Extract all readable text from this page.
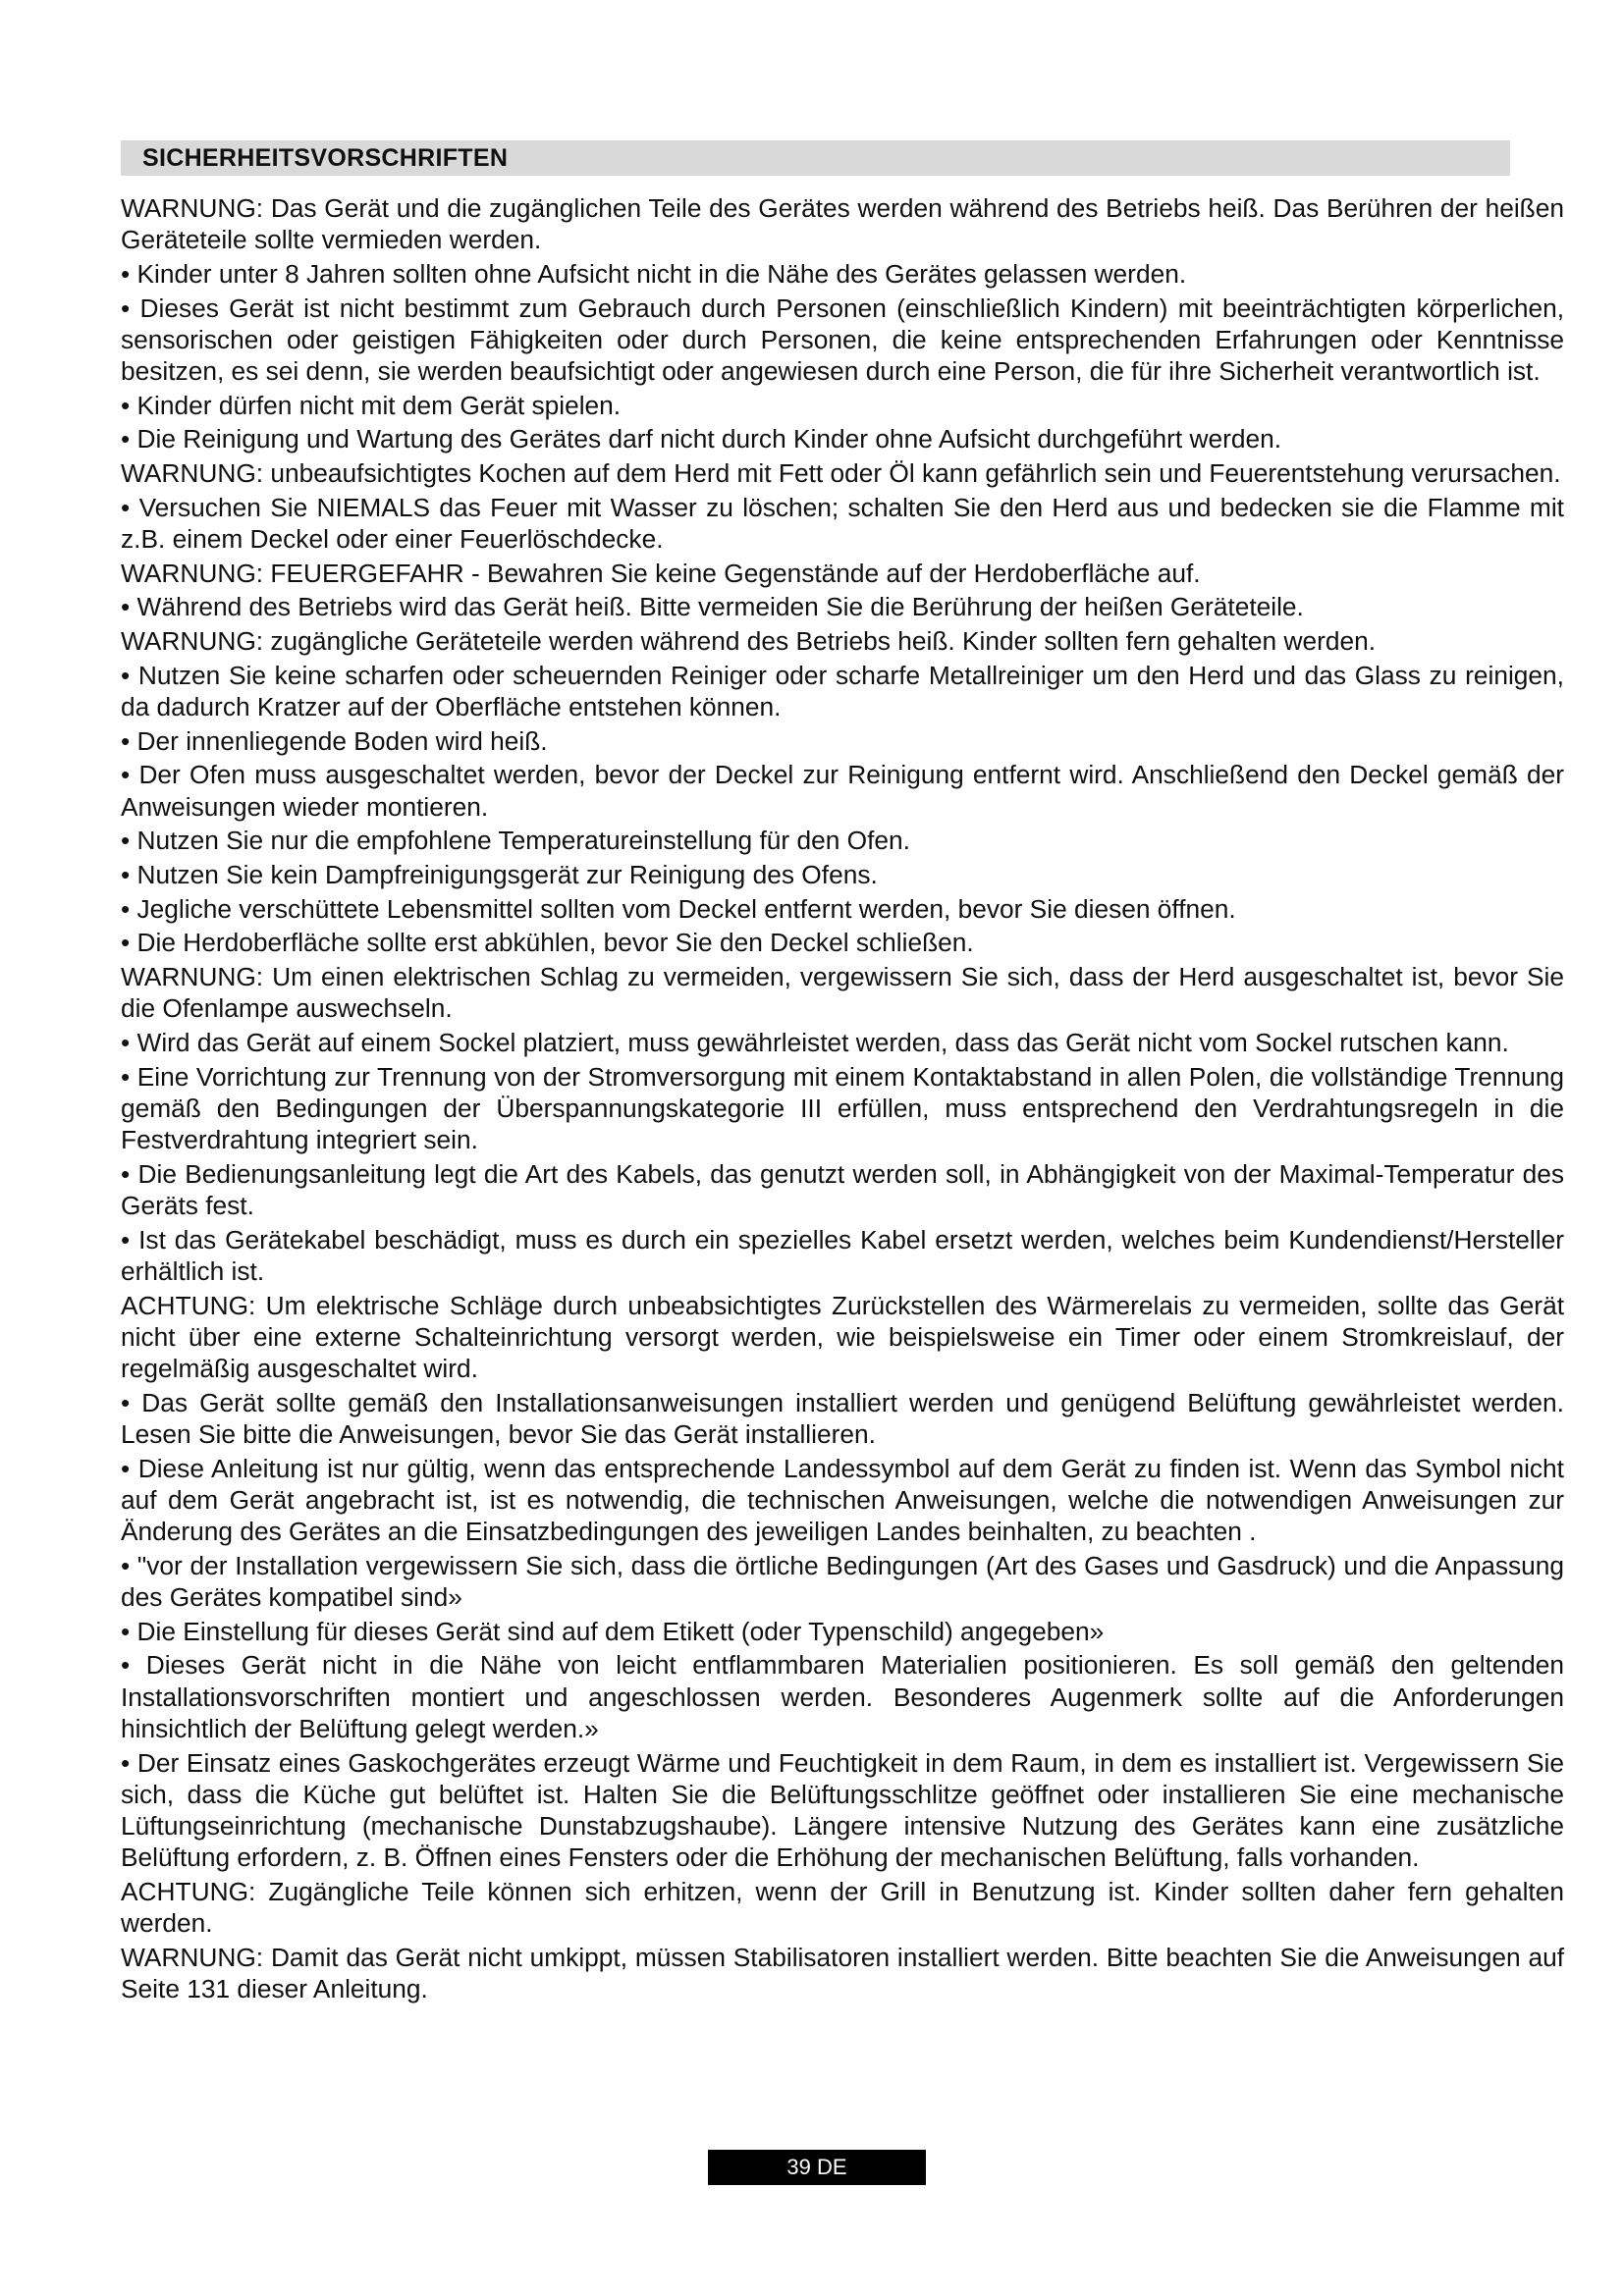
SICHERHEITSVORSCHRIFTEN

WARNUNG: Das Gerät und die zugänglichen Teile des Gerätes werden während des Betriebs heiß. Das Berühren der heißen Geräteteile sollte vermieden werden.

• Kinder unter 8 Jahren sollten ohne Aufsicht nicht in die Nähe des Gerätes gelassen werden.

• Dieses Gerät ist nicht bestimmt zum Gebrauch durch Personen (einschließlich Kindern) mit beeinträchtigten körperlichen, sensorischen oder geistigen Fähigkeiten oder durch Personen, die keine entsprechenden Erfahrungen oder Kenntnisse besitzen, es sei denn, sie werden beaufsichtigt oder angewiesen durch eine Person, die für ihre Sicherheit verantwortlich ist.

• Kinder dürfen nicht mit dem Gerät spielen.

• Die Reinigung und Wartung des Gerätes darf nicht durch Kinder ohne Aufsicht durchgeführt werden.

WARNUNG: unbeaufsichtigtes Kochen auf dem Herd mit Fett oder Öl kann gefährlich sein und Feuerentstehung verursachen.

• Versuchen Sie NIEMALS das Feuer mit Wasser zu löschen; schalten Sie den Herd aus und bedecken sie die Flamme mit z.B. einem Deckel oder einer Feuerlöschdecke.

WARNUNG: FEUERGEFAHR - Bewahren Sie keine Gegenstände auf der Herdoberfläche auf.

• Während des Betriebs wird das Gerät heiß. Bitte vermeiden Sie die Berührung der heißen Geräteteile.

WARNUNG: zugängliche Geräteteile werden während des Betriebs heiß. Kinder sollten fern gehalten werden.

• Nutzen Sie keine scharfen oder scheuernden Reiniger oder scharfe Metallreiniger um den Herd und das Glass zu reinigen, da dadurch Kratzer auf der Oberfläche entstehen können.

• Der innenliegende Boden wird heiß.

• Der Ofen muss ausgeschaltet werden, bevor der Deckel zur Reinigung entfernt wird. Anschließend den Deckel gemäß der Anweisungen wieder montieren.

• Nutzen Sie nur die empfohlene Temperatureinstellung für den Ofen.

• Nutzen Sie kein Dampfreinigungsgerät zur Reinigung des Ofens.

• Jegliche verschüttete Lebensmittel sollten vom Deckel entfernt werden, bevor Sie diesen öffnen.

• Die Herdoberfläche sollte erst abkühlen, bevor Sie den Deckel schließen.

WARNUNG: Um einen elektrischen Schlag zu vermeiden, vergewissern Sie sich, dass der Herd ausgeschaltet ist, bevor Sie die Ofenlampe auswechseln.

• Wird das Gerät auf einem Sockel platziert, muss gewährleistet werden, dass das Gerät nicht vom Sockel rutschen kann.

• Eine Vorrichtung zur Trennung von der Stromversorgung mit einem Kontaktabstand in allen Polen, die vollständige Trennung gemäß den Bedingungen der Überspannungskategorie III erfüllen, muss entsprechend den Verdrahtungsregeln in die Festverdrahtung integriert sein.

• Die Bedienungsanleitung legt die Art des Kabels, das genutzt werden soll, in Abhängigkeit von der Maximal-Temperatur des Geräts fest.

• Ist das Gerätekabel beschädigt, muss es durch ein spezielles Kabel ersetzt werden, welches beim Kundendienst/Hersteller erhältlich ist.

ACHTUNG: Um elektrische Schläge durch unbeabsichtigtes Zurückstellen des Wärmerelais zu vermeiden, sollte das Gerät nicht über eine externe Schalteinrichtung versorgt werden, wie beispielsweise ein Timer oder einem Stromkreislauf, der regelmäßig ausgeschaltet wird.

• Das Gerät sollte gemäß den Installationsanweisungen installiert werden und genügend Belüftung gewährleistet werden. Lesen Sie bitte die Anweisungen, bevor Sie das Gerät installieren.

• Diese Anleitung ist nur gültig, wenn das entsprechende Landessymbol auf dem Gerät zu finden ist. Wenn das Symbol nicht auf dem Gerät angebracht ist, ist es notwendig, die technischen Anweisungen, welche die notwendigen Anweisungen zur Änderung des Gerätes an die Einsatzbedingungen des jeweiligen Landes beinhalten, zu beachten .

• "vor der Installation vergewissern Sie sich, dass die örtliche Bedingungen (Art des Gases und Gasdruck) und die Anpassung des Gerätes kompatibel sind»

• Die Einstellung für dieses Gerät sind auf dem Etikett (oder Typenschild) angegeben»

• Dieses Gerät nicht in die Nähe von leicht entflammbaren Materialien positionieren. Es soll gemäß den geltenden Installationsvorschriften montiert und angeschlossen werden. Besonderes Augenmerk sollte auf die Anforderungen hinsichtlich der Belüftung gelegt werden.»

• Der Einsatz eines Gaskochgerätes erzeugt Wärme und Feuchtigkeit in dem Raum, in dem es installiert ist. Vergewissern Sie sich, dass die Küche gut belüftet ist. Halten Sie die Belüftungsschlitze geöffnet oder installieren Sie eine mechanische Lüftungseinrichtung (mechanische Dunstabzugshaube). Längere intensive Nutzung des Gerätes kann eine zusätzliche Belüftung erfordern, z. B. Öffnen eines Fensters oder die Erhöhung der mechanischen Belüftung, falls vorhanden.

ACHTUNG: Zugängliche Teile können sich erhitzen, wenn der Grill in Benutzung ist. Kinder sollten daher fern gehalten werden.

WARNUNG: Damit das Gerät nicht umkippt, müssen Stabilisatoren installiert werden. Bitte beachten Sie die Anweisungen auf Seite 131 dieser Anleitung.

39 DE
